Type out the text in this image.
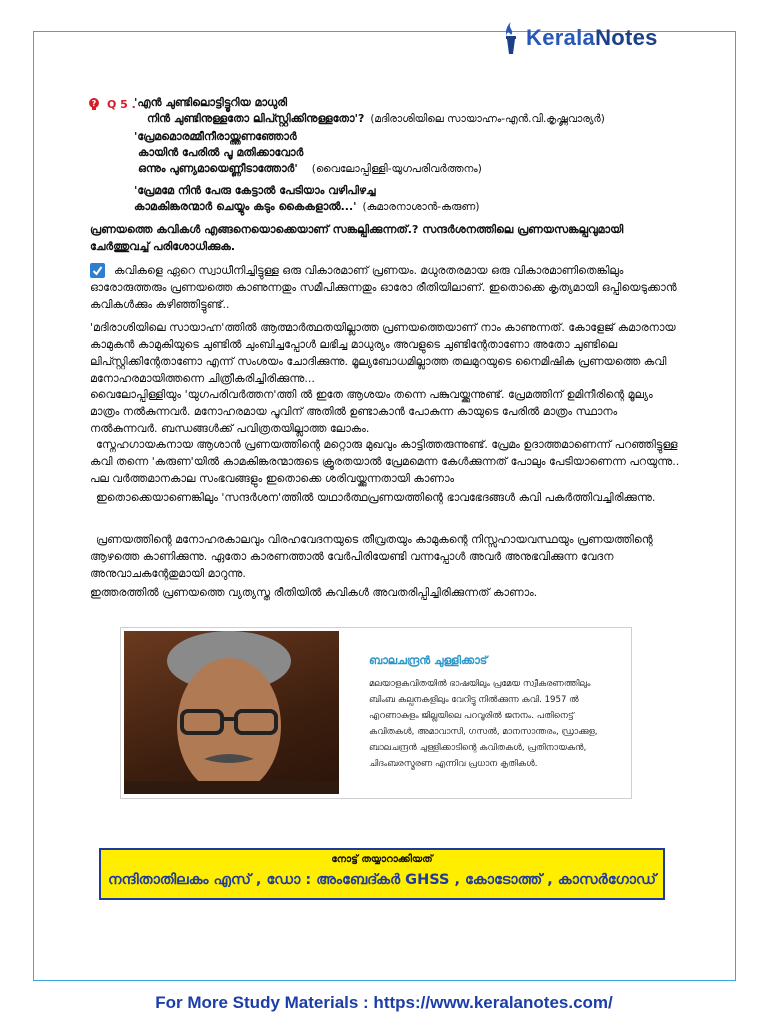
KeralaNotes
? Q 5 .
'എൻ ചുണ്ടിലൊട്ടിട്ടൂറിയ മാധുരി
നിൻ ചുണ്ടിനുള്ളതോ ലിപ്സ്റ്റിക്കിനുള്ളതോ'? (മദിരാശിയിലെ സായാഹ്നം-എൻ.വി.കൃഷ്ണവാര്യർ)
'പ്രേമമൊരമ്മീനീരായ്ത്തണഞ്ഞോർ
കായിൻ പേരിൽ പൂ മതിക്കാവോർ
ഒന്നും പുണ്യമായെണ്ണീടാത്തോർ' (വൈലോപ്പിള്ളി-യുഗപരിവർത്തനം)
'പ്രേമമേ നിൻ പേരു കേട്ടാൽ പേടിയാം വഴിപിഴച്ച
കാമകിങ്കരന്മാർ ചെയ്യും കടും കൈകളാൽ...' (കുമാരനാശാൻ-കരുണ)
പ്രണയത്തെ കവികൾ എങ്ങനെയൊക്കെയാണ് സങ്കല്പിക്കുന്നത്.? സന്ദർശനത്തിലെ പ്രണയസങ്കല്പവുമായി ചേർത്തുവച്ച് പരിശോധിക്കുക.
കവികളെ ഏറെ സ്വാധീനിച്ചിട്ടുള്ള ഒരു വികാരമാണ് പ്രണയം. മധുരതരമായ ഒരു വികാരമാണിതെങ്കിലും ഓരോരുത്തരും പ്രണയത്തെ കാണുന്നതും സമീപിക്കുന്നതും ഓരോ രീതിയിലാണ്. ഇതൊക്കെ കൃത്യമായി ഒപ്പിയെടുക്കാൻ കവികൾക്കും കഴിഞ്ഞിട്ടുണ്ട്..
'മദിരാശിയിലെ സായാഹ്ന'ത്തിൽ ആത്മാർത്ഥതയില്ലാത്ത പ്രണയത്തെയാണ് നാം കാണുന്നത്. കോളേജ് കമാരനായ കാമുകൻ കാമുകിയുടെ ചുണ്ടിൽ ചുംബിച്ചപ്പോൾ ലഭിച്ച മാധുര്യം അവളുടെ ചുണ്ടിന്റേതാണോ അതോ ചുണ്ടിലെ ലിപ്സ്റ്റിക്കിന്റേതാണോ എന്ന് സംശയം ചോദിക്കുന്നു. മൂല്യബോധമില്ലാത്ത തലമുറയുടെ നൈമിഷിക പ്രണയത്തെ കവി മനോഹരമായിത്തന്നെ ചിത്രീകരിച്ചിരിക്കുന്നു...
വൈലോപ്പിള്ളിയും 'യുഗപരിവർത്തന'ത്തി ൽ ഇതേ ആശയം തന്നെ പങ്കുവയ്ക്കുന്നുണ്ട്. പ്രേമത്തിന് ഉമിനീരിന്റെ മൂല്യം മാത്രം നൽകുന്നവർ. മനോഹരമായ പൂവിന് അതിൽ ഉണ്ടാകാൻ പോകുന്ന കായുടെ പേരിൽ മാത്രം സ്ഥാനം നൽകുന്നവർ. ബന്ധങ്ങൾക്ക് പവിത്രതയില്ലാത്ത ലോകം.
സ്നേഹഗായകനായ ആശാൻ പ്രണയത്തിന്റെ മറ്റൊരു മുഖവും കാട്ടിത്തരുന്നുണ്ട്. പ്രേമം ഉദാത്തമാണെന്ന് പറഞ്ഞിട്ടുള്ള കവി തന്നെ 'കരുണ'യിൽ കാമകിങ്കരന്മാരുടെ ക്രൂരതയാൽ പ്രേമമെന്ന കേൾക്കുന്നത് പോലും പേടിയാണെന്ന പറയുന്നു.. പല വർത്തമാനകാല സംഭവങ്ങളും ഇതൊക്കെ ശരിവയ്ക്കുന്നതായി കാണാം
ഇതൊക്കെയാണെങ്കിലും 'സന്ദർശന'ത്തിൽ യഥാർത്ഥപ്രണയത്തിന്റെ ഭാവഭേദങ്ങൾ കവി പകർത്തിവച്ചിരിക്കുന്നു.
പ്രണയത്തിന്റെ മനോഹരകാലവും വിരഹവേദനയുടെ തീവ്രതയും കാമുകന്റെ നിസ്സഹായവസ്ഥയും പ്രണയത്തിന്റെ ആഴത്തെ കാണിക്കുന്നു. ഏതോ കാരണത്താൽ വേർപിരിയേണ്ടി വന്നപ്പോൾ അവർ അനുഭവിക്കുന്ന വേദന അനുവാചകന്റേതുമായി മാറുന്നു.
ഇത്തരത്തിൽ പ്രണയത്തെ വ്യത്യസ്ത രീതിയിൽ കവികൾ അവതരിപ്പിച്ചിരിക്കുന്നത് കാണാം.
ബാലചന്ദ്രൻ ചുള്ളിക്കാട്
മലയാളകവിതയിൽ ഭാഷയിലും പ്രമേയ സ്വീകരണത്തിലും ബിംബ കല്പനകളിലും വേറിട്ടു നിൽക്കുന്ന കവി. 1957 ൽ എറണാകുളം ജില്ലയിലെ പറവൂരിൽ ജനനം. പതിനെട്ട് കവിതകൾ, അമാവാസി, ഗസൽ, മാനസാന്തരം, ഡ്രാക്കുള, ബാലചന്ദ്രൻ ചുള്ളിക്കാടിന്റെ കവിതകൾ, പ്രതിനായകൻ, ചിദംബരസ്മരണ എന്നിവ പ്രധാന കൃതികൾ.
നോട്ട് തയ്യാറാക്കിയത്
നന്ദിതാതിലകം എസ് , ഡോ : അംബേദ്കർ GHSS , കോടോത്ത് , കാസർഗോഡ്
For More Study Materials : https://www.keralanotes.com/
